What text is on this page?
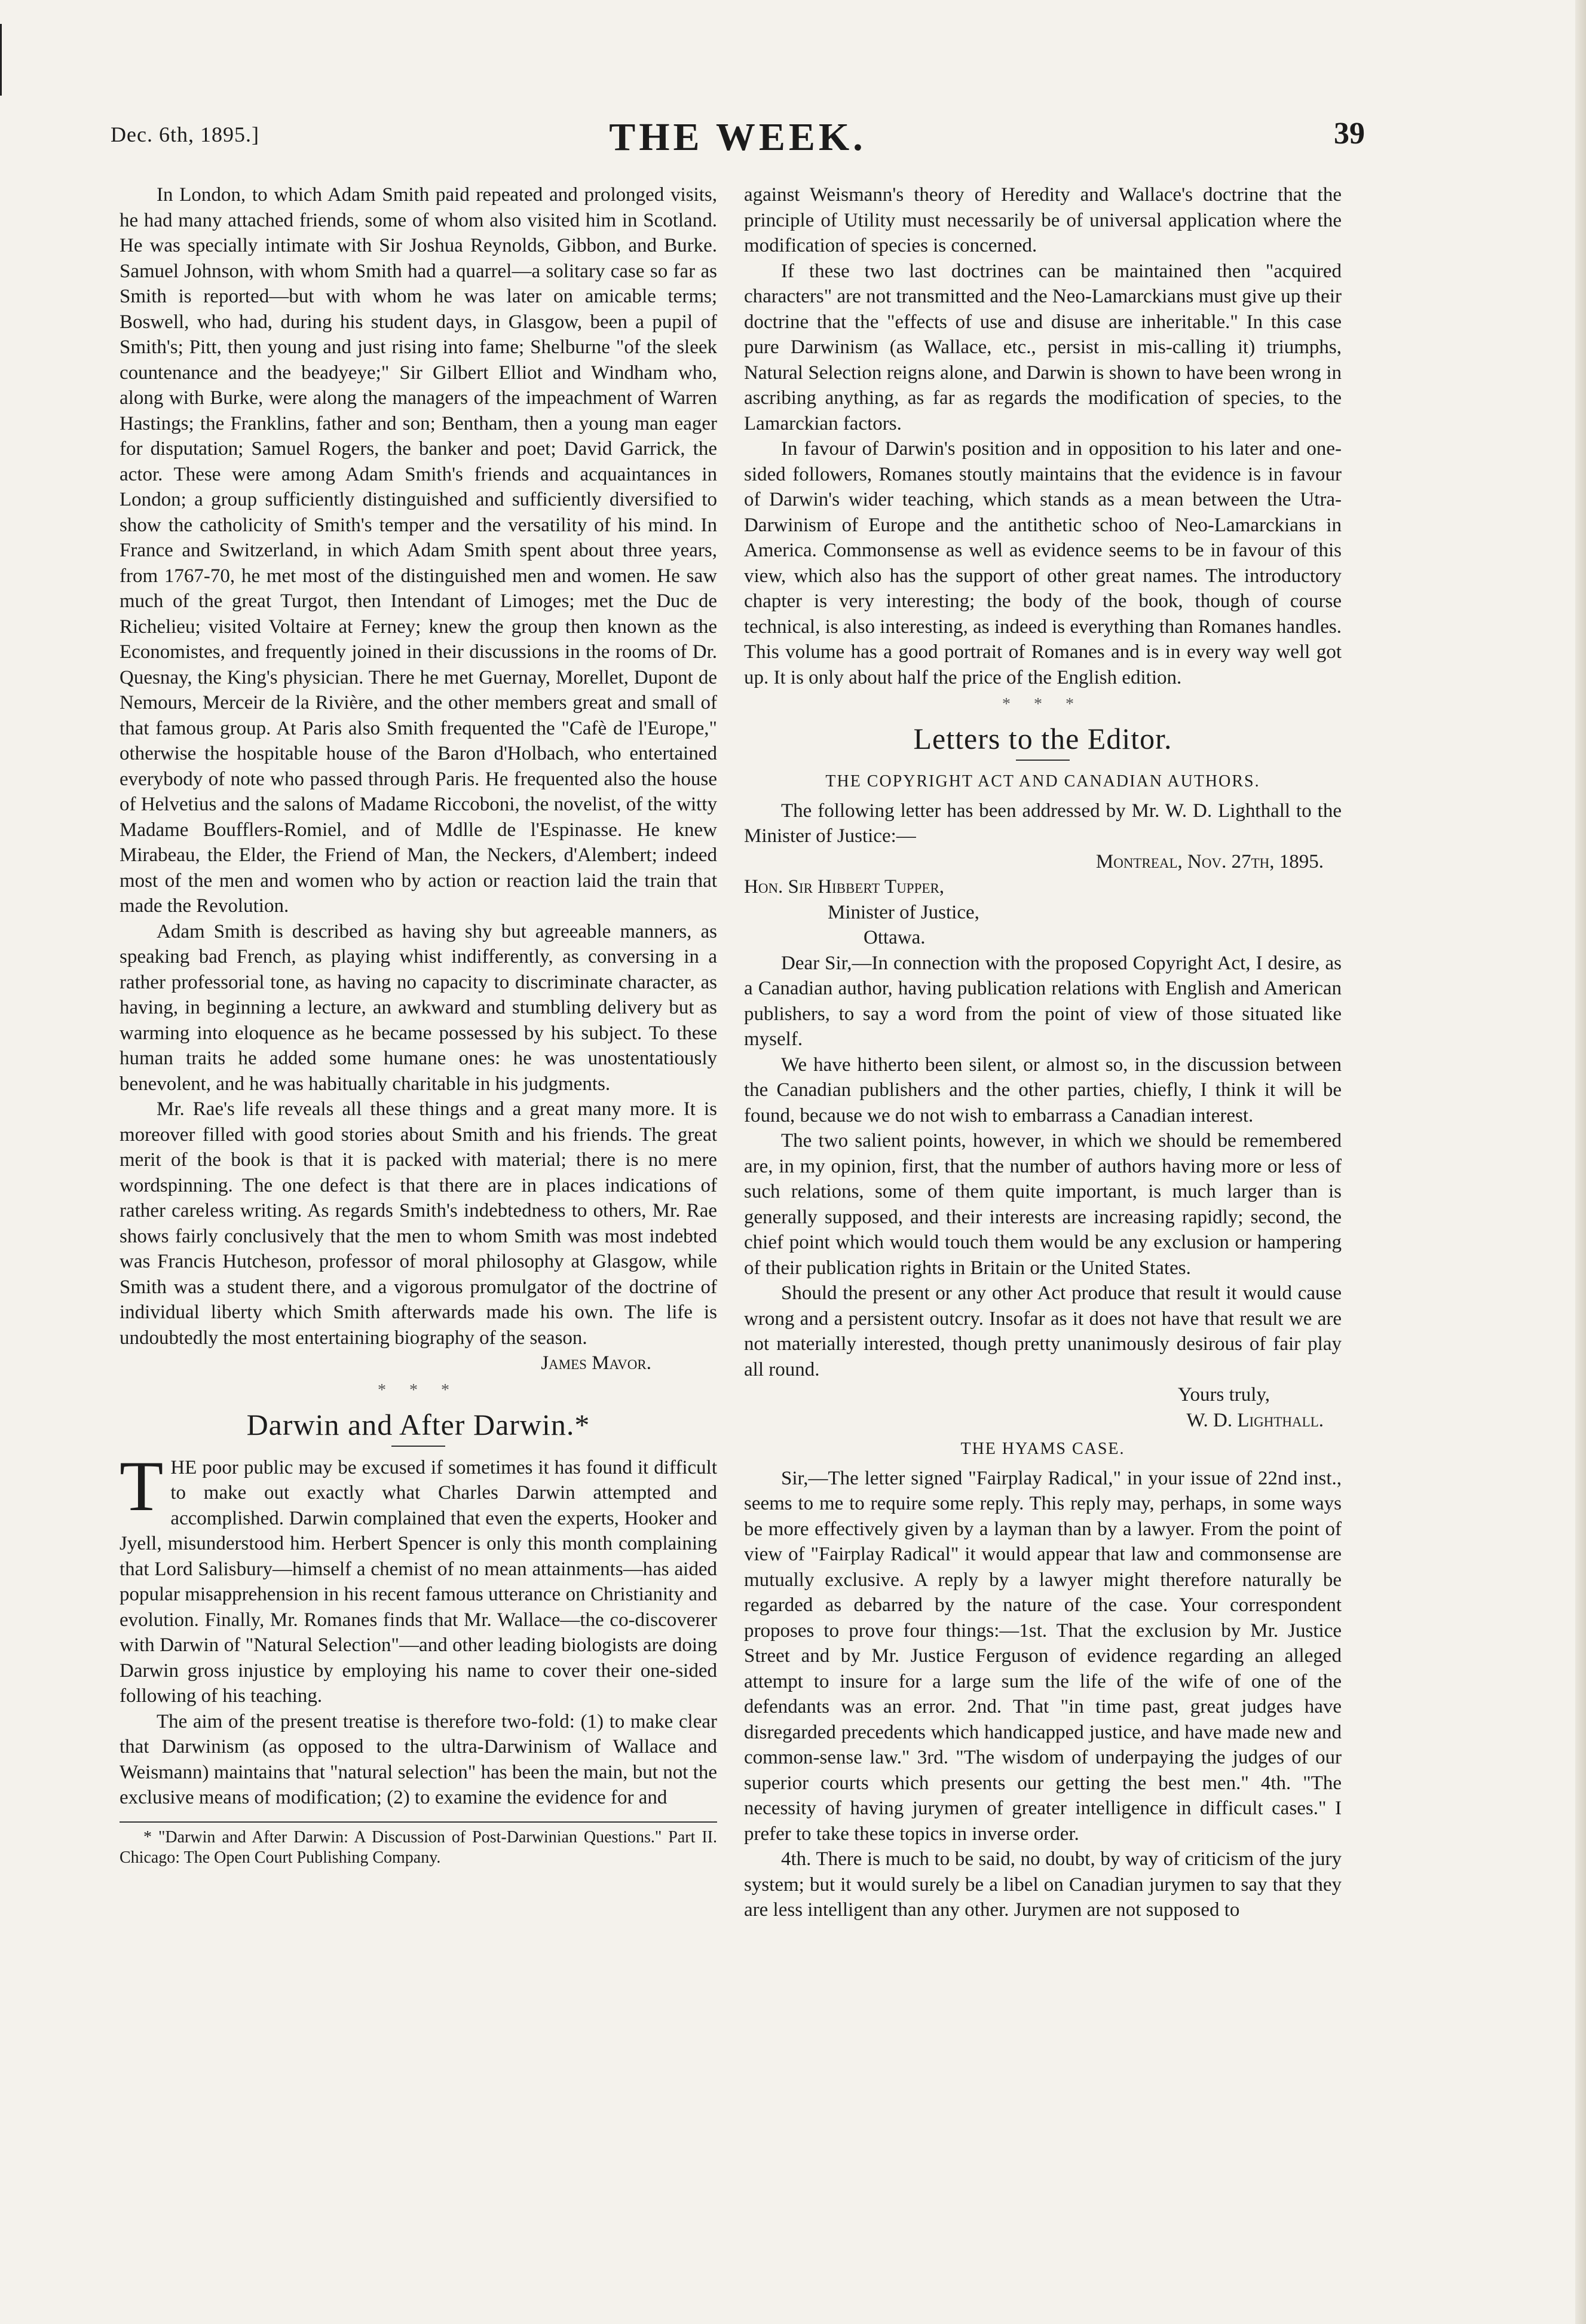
Dec. 6th, 1895.]	THE WEEK.	39

In London, to which Adam Smith paid repeated and prolonged visits, he had many attached friends, some of whom also visited him in Scotland. He was specially intimate with Sir Joshua Reynolds, Gibbon, and Burke. Samuel Johnson, with whom Smith had a quarrel—a solitary case so far as Smith is reported—but with whom he was later on amicable terms; Boswell, who had, during his student days, in Glasgow, been a pupil of Smith's; Pitt, then young and just rising into fame; Shelburne "of the sleek countenance and the beadyeye;" Sir Gilbert Elliot and Windham who, along with Burke, were along the managers of the impeachment of Warren Hastings; the Franklins, father and son; Bentham, then a young man eager for disputation; Samuel Rogers, the banker and poet; David Garrick, the actor. These were among Adam Smith's friends and acquaintances in London; a group sufficiently distinguished and sufficiently diversified to show the catholicity of Smith's temper and the versatility of his mind. In France and Switzerland, in which Adam Smith spent about three years, from 1767-70, he met most of the distinguished men and women. He saw much of the great Turgot, then Intendant of Limoges; met the Duc de Richelieu; visited Voltaire at Ferney; knew the group then known as the Economistes, and frequently joined in their discussions in the rooms of Dr. Quesnay, the King's physician. There he met Guernay, Morellet, Dupont de Nemours, Merceir de la Rivière, and the other members great and small of that famous group. At Paris also Smith frequented the "Cafè de l'Europe," otherwise the hospitable house of the Baron d'Holbach, who entertained everybody of note who passed through Paris. He frequented also the house of Helvetius and the salons of Madame Riccoboni, the novelist, of the witty Madame Boufflers-Romiel, and of Mdlle de l'Espinasse. He knew Mirabeau, the Elder, the Friend of Man, the Neckers, d'Alembert; indeed most of the men and women who by action or reaction laid the train that made the Revolution.

Adam Smith is described as having shy but agreeable manners, as speaking bad French, as playing whist indifferently, as conversing in a rather professorial tone, as having no capacity to discriminate character, as having, in beginning a lecture, an awkward and stumbling delivery but as warming into eloquence as he became possessed by his subject. To these human traits he added some humane ones: he was unostentatiously benevolent, and he was habitually charitable in his judgments.

Mr. Rae's life reveals all these things and a great many more. It is moreover filled with good stories about Smith and his friends. The great merit of the book is that it is packed with material; there is no mere wordspinning. The one defect is that there are in places indications of rather careless writing. As regards Smith's indebtedness to others, Mr. Rae shows fairly conclusively that the men to whom Smith was most indebted was Francis Hutcheson, professor of moral philosophy at Glasgow, while Smith was a student there, and a vigorous promulgator of the doctrine of individual liberty which Smith afterwards made his own. The life is undoubtedly the most entertaining biography of the season.

James Mavor.

* * *
Darwin and After Darwin.*

THE poor public may be excused if sometimes it has found it difficult to make out exactly what Charles Darwin attempted and accomplished. Darwin complained that even the experts, Hooker and Jyell, misunderstood him. Herbert Spencer is only this month complaining that Lord Salisbury—himself a chemist of no mean attainments—has aided popular misapprehension in his recent famous utterance on Christianity and evolution. Finally, Mr. Romanes finds that Mr. Wallace—the co-discoverer with Darwin of "Natural Selection"—and other leading biologists are doing Darwin gross injustice by employing his name to cover their one-sided following of his teaching.

The aim of the present treatise is therefore two-fold: (1) to make clear that Darwinism (as opposed to the ultra-Darwinism of Wallace and Weismann) maintains that "natural selection" has been the main, but not the exclusive means of modification; (2) to examine the evidence for and

* "Darwin and After Darwin: A Discussion of Post-Darwinian Questions." Part II. Chicago: The Open Court Publishing Company.

against Weismann's theory of Heredity and Wallace's doctrine that the principle of Utility must necessarily be of universal application where the modification of species is concerned.

If these two last doctrines can be maintained then "acquired characters" are not transmitted and the Neo-Lamarckians must give up their doctrine that the "effects of use and disuse are inheritable." In this case pure Darwinism (as Wallace, etc., persist in mis-calling it) triumphs, Natural Selection reigns alone, and Darwin is shown to have been wrong in ascribing anything, as far as regards the modification of species, to the Lamarckian factors.

In favour of Darwin's position and in opposition to his later and one-sided followers, Romanes stoutly maintains that the evidence is in favour of Darwin's wider teaching, which stands as a mean between the Utra-Darwinism of Europe and the antithetic schoo of Neo-Lamarckians in America. Commonsense as well as evidence seems to be in favour of this view, which also has the support of other great names. The introductory chapter is very interesting; the body of the book, though of course technical, is also interesting, as indeed is everything than Romanes handles. This volume has a good portrait of Romanes and is in every way well got up. It is only about half the price of the English edition.

* * *
Letters to the Editor.
THE COPYRIGHT ACT AND CANADIAN AUTHORS.

The following letter has been addressed by Mr. W. D. Lighthall to the Minister of Justice:—

Montreal, Nov. 27th, 1895.

Hon. Sir Hibbert Tupper,

Minister of Justice,

Ottawa.

Dear Sir,—In connection with the proposed Copyright Act, I desire, as a Canadian author, having publication relations with English and American publishers, to say a word from the point of view of those situated like myself.

We have hitherto been silent, or almost so, in the discussion between the Canadian publishers and the other parties, chiefly, I think it will be found, because we do not wish to embarrass a Canadian interest.

The two salient points, however, in which we should be remembered are, in my opinion, first, that the number of authors having more or less of such relations, some of them quite important, is much larger than is generally supposed, and their interests are increasing rapidly; second, the chief point which would touch them would be any exclusion or hampering of their publication rights in Britain or the United States.

Should the present or any other Act produce that result it would cause wrong and a persistent outcry. Insofar as it does not have that result we are not materially interested, though pretty unanimously desirous of fair play all round.

Yours truly,

W. D. Lighthall.

THE HYAMS CASE.

Sir,—The letter signed "Fairplay Radical," in your issue of 22nd inst., seems to me to require some reply. This reply may, perhaps, in some ways be more effectively given by a layman than by a lawyer. From the point of view of "Fairplay Radical" it would appear that law and commonsense are mutually exclusive. A reply by a lawyer might therefore naturally be regarded as debarred by the nature of the case. Your correspondent proposes to prove four things:—1st. That the exclusion by Mr. Justice Street and by Mr. Justice Ferguson of evidence regarding an alleged attempt to insure for a large sum the life of the wife of one of the defendants was an error. 2nd. That "in time past, great judges have disregarded precedents which handicapped justice, and have made new and common-sense law." 3rd. "The wisdom of underpaying the judges of our superior courts which presents our getting the best men." 4th. "The necessity of having jurymen of greater intelligence in difficult cases." I prefer to take these topics in inverse order.

4th. There is much to be said, no doubt, by way of criticism of the jury system; but it would surely be a libel on Canadian jurymen to say that they are less intelligent than any other. Jurymen are not supposed to
